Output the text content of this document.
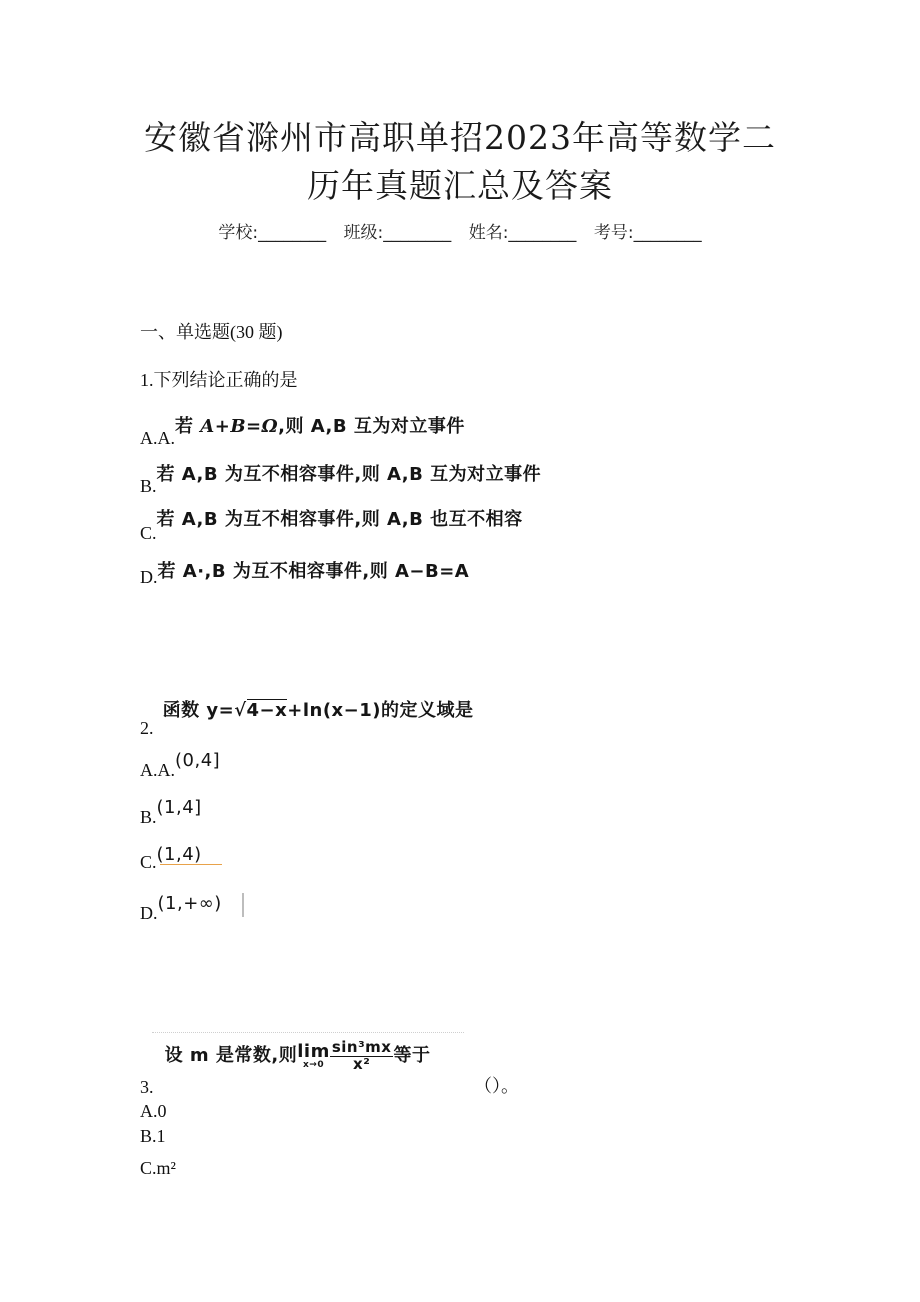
安徽省滁州市高职单招2023年高等数学二
历年真题汇总及答案
学校:________ 班级:________ 姓名:________ 考号:________
一、单选题(30 题)
1.下列结论正确的是
A.A.若 A+B=Ω,则 A,B 互为对立事件
B.若 A,B 为互不相容事件,则 A,B 互为对立事件
C.若 A,B 为互不相容事件,则 A,B 也互不相容
D.若 A·,B 为互不相容事件,则 A−B=A
2. 函数 y=√4−x+ln(x−1)的定义域是
A.A.(0,4]
B.(1,4]
C.(1,4)
D.(1,+∞)
3. 设 m 是常数,则lim
$x\to 0 \frac{\text{sin³mx}}{\text{x²}}$ 等于
（）。
A.0
B.1
C.m²
